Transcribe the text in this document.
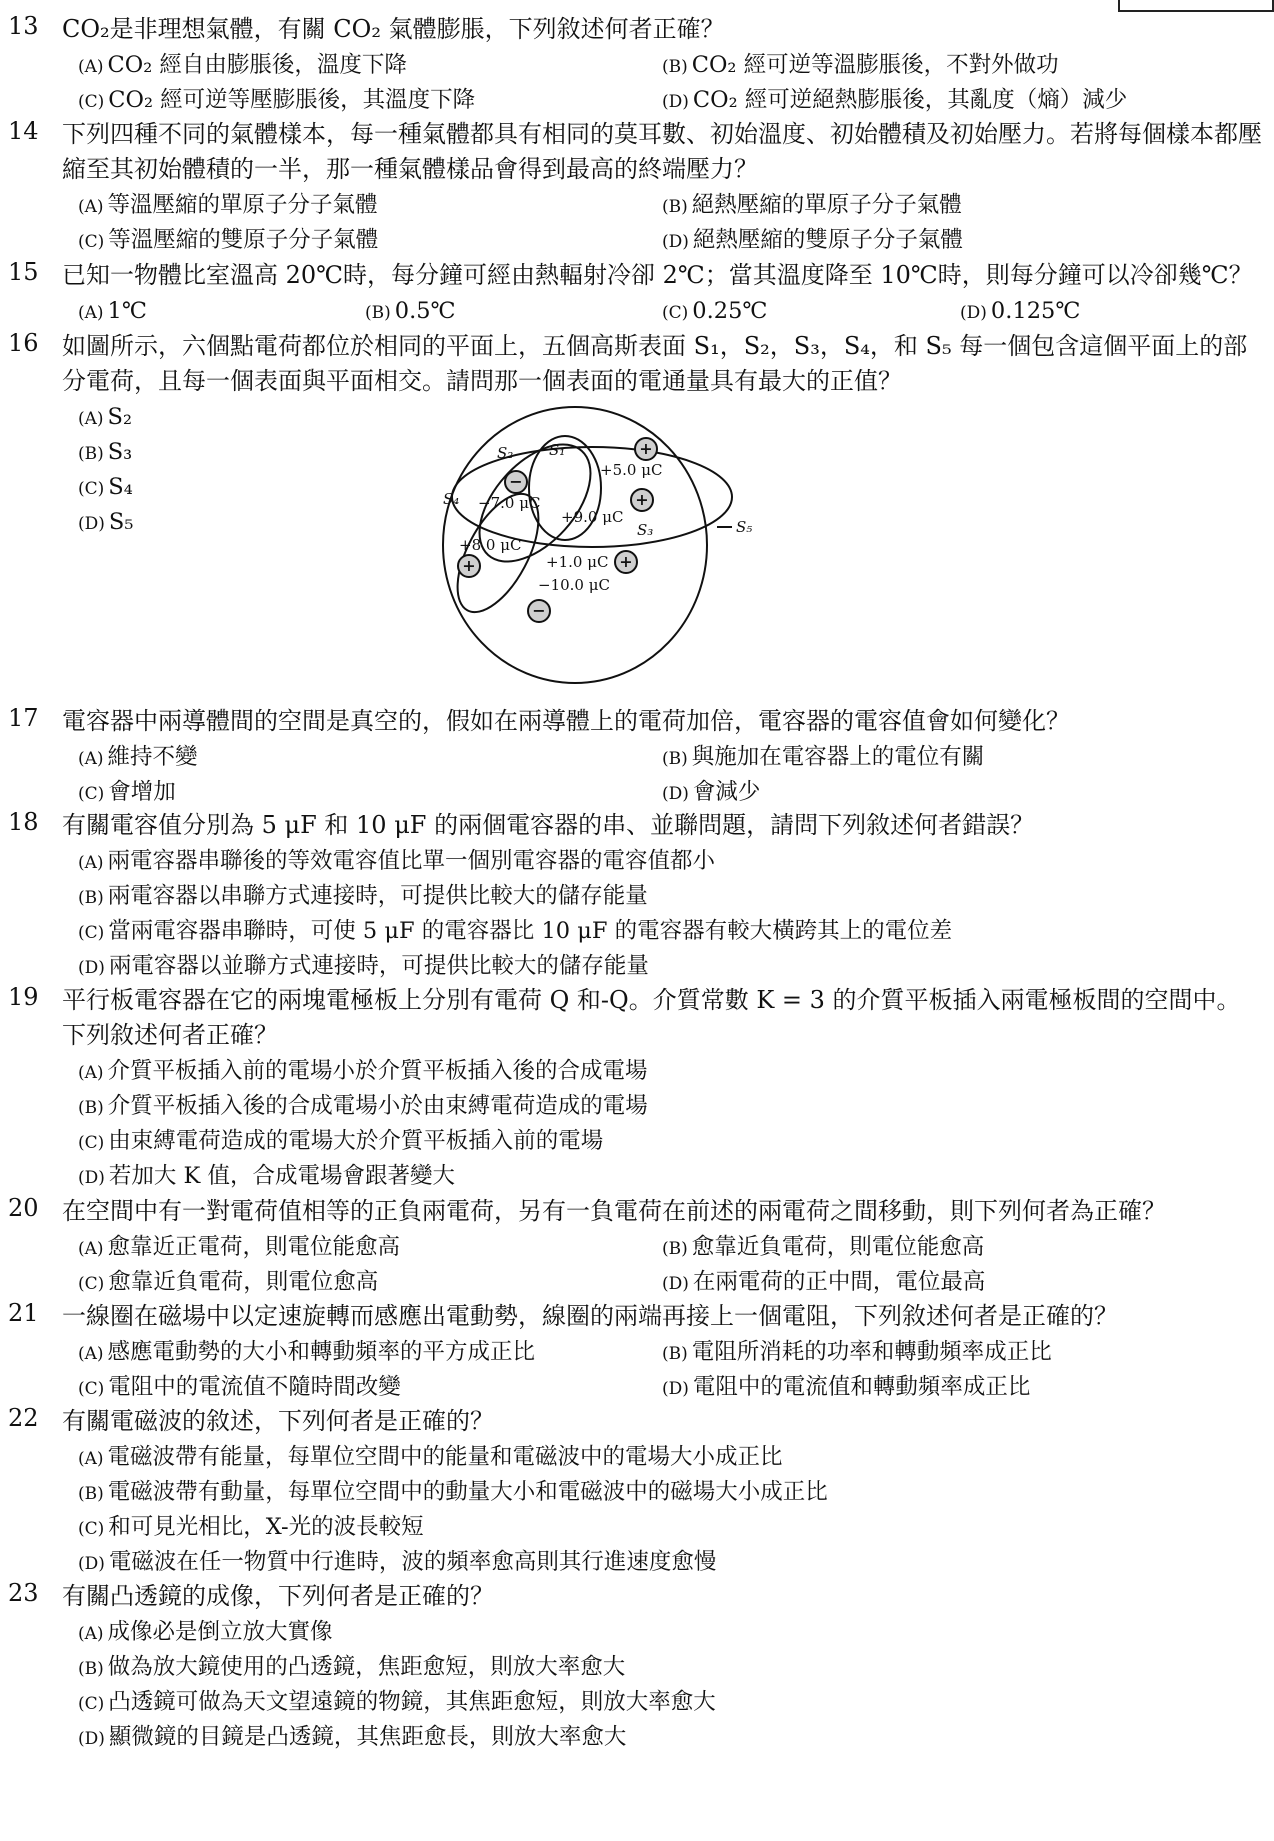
13 CO₂是非理想氣體，有關 CO₂ 氣體膨脹，下列敘述何者正確？
(A) CO₂ 經自由膨脹後，溫度下降	(B) CO₂ 經可逆等溫膨脹後，不對外做功
(C) CO₂ 經可逆等壓膨脹後，其溫度下降	(D) CO₂ 經可逆絕熱膨脹後，其亂度（熵）減少
14 下列四種不同的氣體樣本，每一種氣體都具有相同的莫耳數、初始溫度、初始體積及初始壓力。若將每個樣本都壓縮至其初始體積的一半，那一種氣體樣品會得到最高的終端壓力？
(A) 等溫壓縮的單原子分子氣體	(B) 絕熱壓縮的單原子分子氣體
(C) 等溫壓縮的雙原子分子氣體	(D) 絕熱壓縮的雙原子分子氣體
15 已知一物體比室溫高 20℃時，每分鐘可經由熱輻射冷卻 2℃；當其溫度降至 10℃時，則每分鐘可以冷卻幾℃？
(A) 1℃	(B) 0.5℃	(C) 0.25℃	(D) 0.125℃
16 如圖所示，六個點電荷都位於相同的平面上，五個高斯表面 S₁，S₂，S₃，S₄，和 S₅ 每一個包含這個平面上的部分電荷，且每一個表面與平面相交。請問那一個表面的電通量具有最大的正值？
(A) S₂
(B) S₃
(C) S₄
(D) S₅
+
−
+
+	+
−
S₁
S₂
S₃
S₄
S₅
+5.0 μC
−7.0 μC
+9.0 μC
+8.0 μC
+1.0 μC
−10.0 μC
17 電容器中兩導體間的空間是真空的，假如在兩導體上的電荷加倍，電容器的電容值會如何變化？
(A) 維持不變	(B) 與施加在電容器上的電位有關
(C) 會增加	(D) 會減少
18 有關電容值分別為 5 μF 和 10 μF 的兩個電容器的串、並聯問題，請問下列敘述何者錯誤？
(A) 兩電容器串聯後的等效電容值比單一個別電容器的電容值都小
(B) 兩電容器以串聯方式連接時，可提供比較大的儲存能量
(C) 當兩電容器串聯時，可使 5 μF 的電容器比 10 μF 的電容器有較大橫跨其上的電位差
(D) 兩電容器以並聯方式連接時，可提供比較大的儲存能量
19 平行板電容器在它的兩塊電極板上分別有電荷 Q 和-Q。介質常數 K = 3 的介質平板插入兩電極板間的空間中。下列敘述何者正確？
(A) 介質平板插入前的電場小於介質平板插入後的合成電場
(B) 介質平板插入後的合成電場小於由束縛電荷造成的電場
(C) 由束縛電荷造成的電場大於介質平板插入前的電場
(D) 若加大 K 值，合成電場會跟著變大
20 在空間中有一對電荷值相等的正負兩電荷，另有一負電荷在前述的兩電荷之間移動，則下列何者為正確？
(A) 愈靠近正電荷，則電位能愈高	(B) 愈靠近負電荷，則電位能愈高
(C) 愈靠近負電荷，則電位愈高	(D) 在兩電荷的正中間，電位最高
21 一線圈在磁場中以定速旋轉而感應出電動勢，線圈的兩端再接上一個電阻，下列敘述何者是正確的？
(A) 感應電動勢的大小和轉動頻率的平方成正比	(B) 電阻所消耗的功率和轉動頻率成正比
(C) 電阻中的電流值不隨時間改變	(D) 電阻中的電流值和轉動頻率成正比
22 有關電磁波的敘述，下列何者是正確的？
(A) 電磁波帶有能量，每單位空間中的能量和電磁波中的電場大小成正比
(B) 電磁波帶有動量，每單位空間中的動量大小和電磁波中的磁場大小成正比
(C) 和可見光相比，X-光的波長較短
(D) 電磁波在任一物質中行進時，波的頻率愈高則其行進速度愈慢
23 有關凸透鏡的成像，下列何者是正確的？
(A) 成像必是倒立放大實像
(B) 做為放大鏡使用的凸透鏡，焦距愈短，則放大率愈大
(C) 凸透鏡可做為天文望遠鏡的物鏡，其焦距愈短，則放大率愈大
(D) 顯微鏡的目鏡是凸透鏡，其焦距愈長，則放大率愈大
